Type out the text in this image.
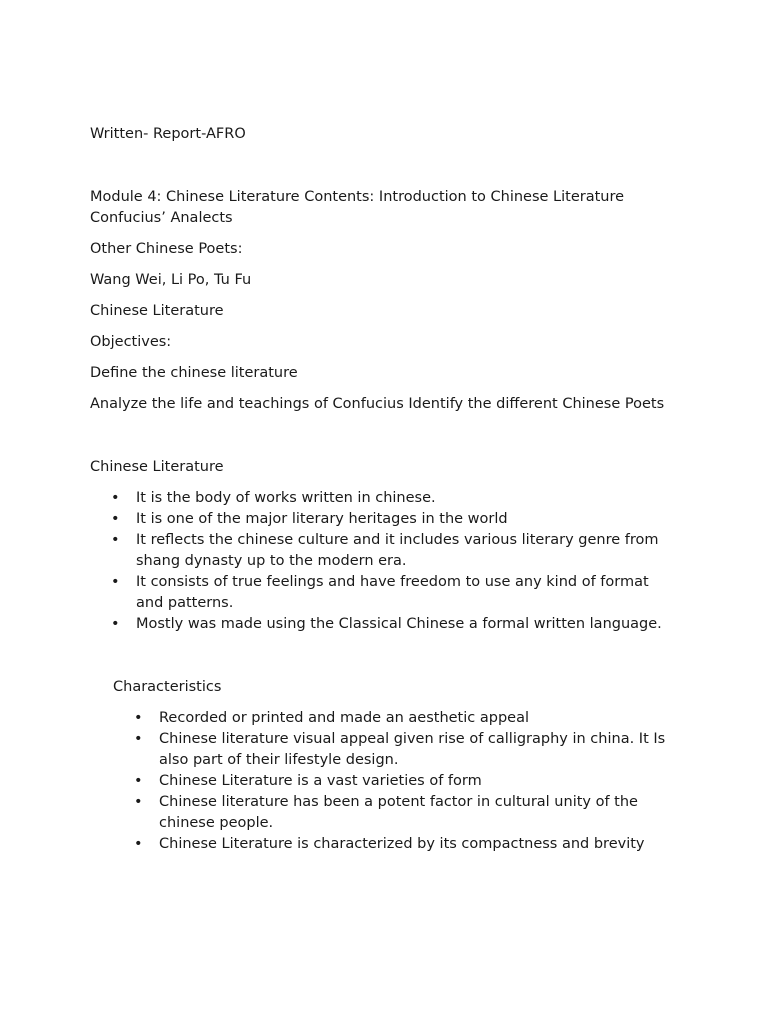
Written- Report-AFRO

Module 4: Chinese Literature Contents: Introduction to Chinese Literature Confucius’ Analects

Other Chinese Poets:

Wang Wei, Li Po, Tu Fu

Chinese Literature

Objectives:

Define the chinese literature

Analyze the life and teachings of Confucius Identify the different Chinese Poets

Chinese Literature

• It is the body of works written in chinese.
• It is one of the major literary heritages in the world
• It reflects the chinese culture and it includes various literary genre from shang dynasty up to the modern era.
• It consists of true feelings and have freedom to use any kind of format and patterns.
• Mostly was made using the Classical Chinese a formal written language.

Characteristics

• Recorded or printed and made an aesthetic appeal
• Chinese literature visual appeal given rise of calligraphy in china. It Is also part of their lifestyle design.
• Chinese Literature is a vast varieties of form
• Chinese literature has been a potent factor in cultural unity of the chinese people.
• Chinese Literature is characterized by its compactness and brevity
